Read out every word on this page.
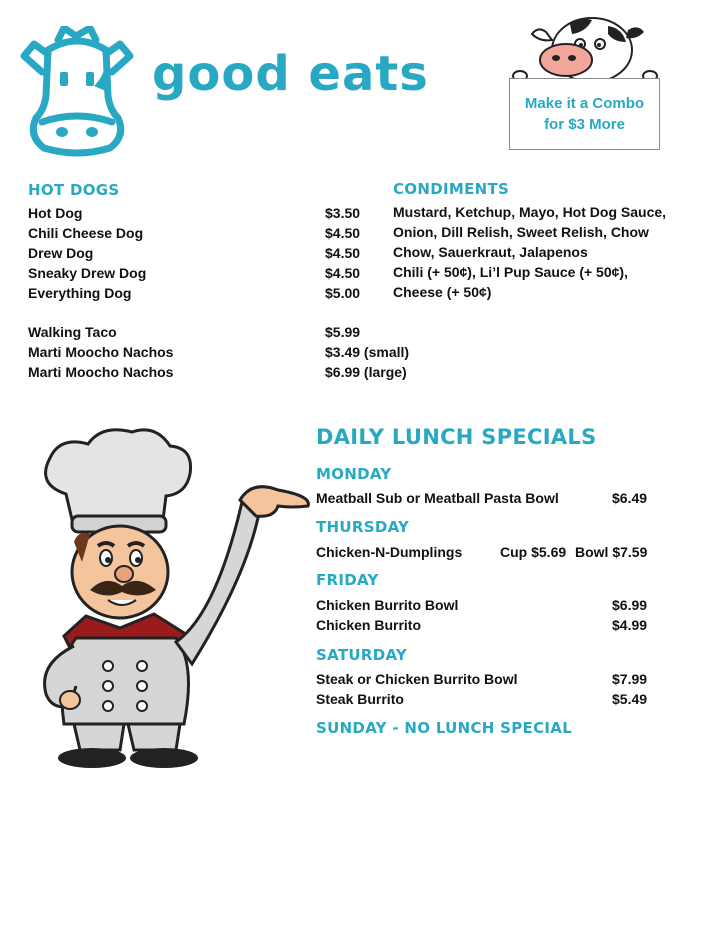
good eats
Make it a Combo
for $3 More
HOT DOGS
Hot Dog	$3.50
Chili Cheese Dog	$4.50
Drew Dog	$4.50
Sneaky Drew Dog	$4.50
Everything Dog	$5.00
Walking Taco	$5.99
Marti Moocho Nachos	$3.49 (small)
Marti Moocho Nachos	$6.99 (large)
CONDIMENTS
Mustard, Ketchup, Mayo, Hot Dog Sauce,
Onion, Dill Relish, Sweet Relish, Chow
Chow, Sauerkraut, Jalapenos
Chili (+ 50¢), Li’l Pup Sauce (+ 50¢),
Cheese (+ 50¢)
DAILY LUNCH SPECIALS
MONDAY
Meatball Sub or Meatball Pasta Bowl	$6.49
THURSDAY
Chicken-N-Dumplings	Cup $5.69 Bowl $7.59
FRIDAY
Chicken Burrito Bowl	$6.99
Chicken Burrito	$4.99
SATURDAY
Steak or Chicken Burrito Bowl	$7.99
Steak Burrito	$5.49
SUNDAY - NO LUNCH SPECIAL
